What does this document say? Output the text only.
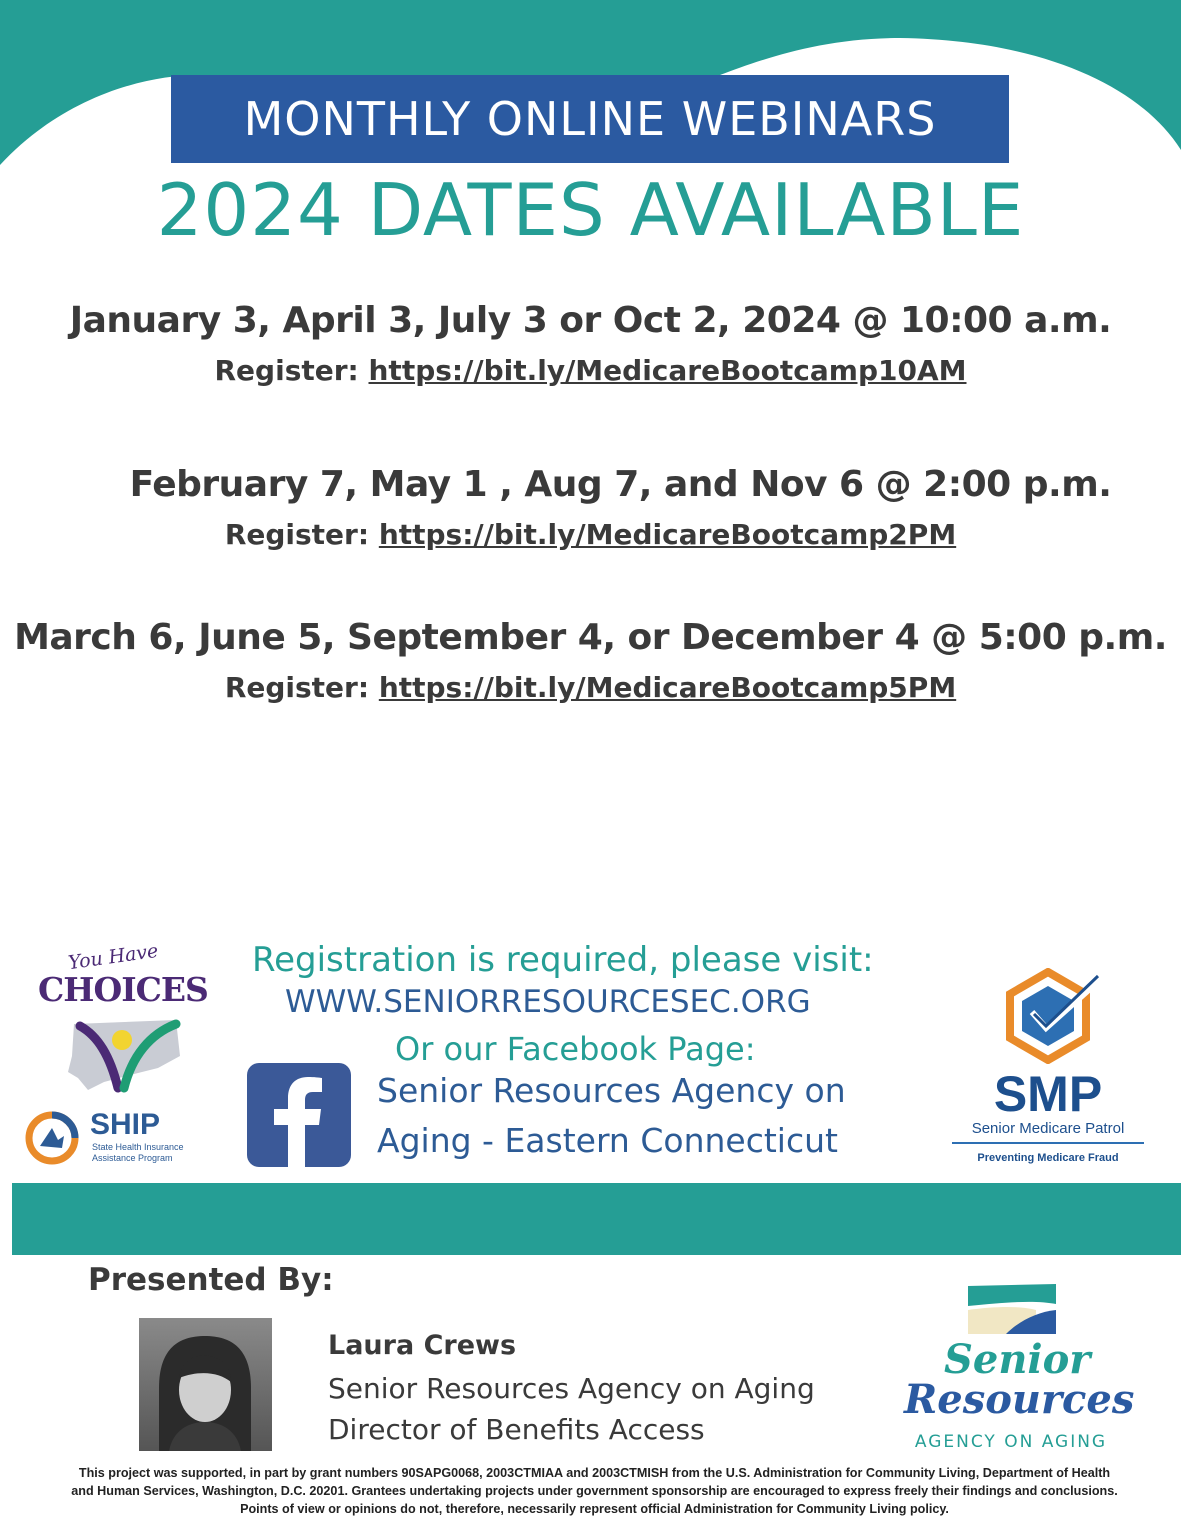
MONTHLY ONLINE WEBINARS
2024 DATES AVAILABLE
January 3, April 3, July 3 or Oct 2, 2024 @ 10:00 a.m.
Register: https://bit.ly/MedicareBootcamp10AM
February 7, May 1 , Aug 7, and Nov 6 @ 2:00 p.m.
Register: https://bit.ly/MedicareBootcamp2PM
March 6, June 5, September 4, or December 4 @ 5:00 p.m.
Register: https://bit.ly/MedicareBootcamp5PM
Registration is required, please visit:
WWW.SENIORRESOURCESEC.ORG
Or our Facebook Page:
Senior Resources Agency on
Aging - Eastern Connecticut
You Have
CHOICES
SHIP
State Health Insurance
Assistance Program
SMP
Senior Medicare Patrol
Preventing Medicare Fraud
Presented By:
Laura Crews
Senior Resources Agency on Aging
Director of Benefits Access
Senior
Resources
AGENCY ON AGING
This project was supported, in part by grant numbers 90SAPG0068, 2003CTMIAA and 2003CTMISH from the U.S. Administration for Community Living, Department of Health
and Human Services, Washington, D.C. 20201. Grantees undertaking projects under government sponsorship are encouraged to express freely their findings and conclusions.
Points of view or opinions do not, therefore, necessarily represent official Administration for Community Living policy.
